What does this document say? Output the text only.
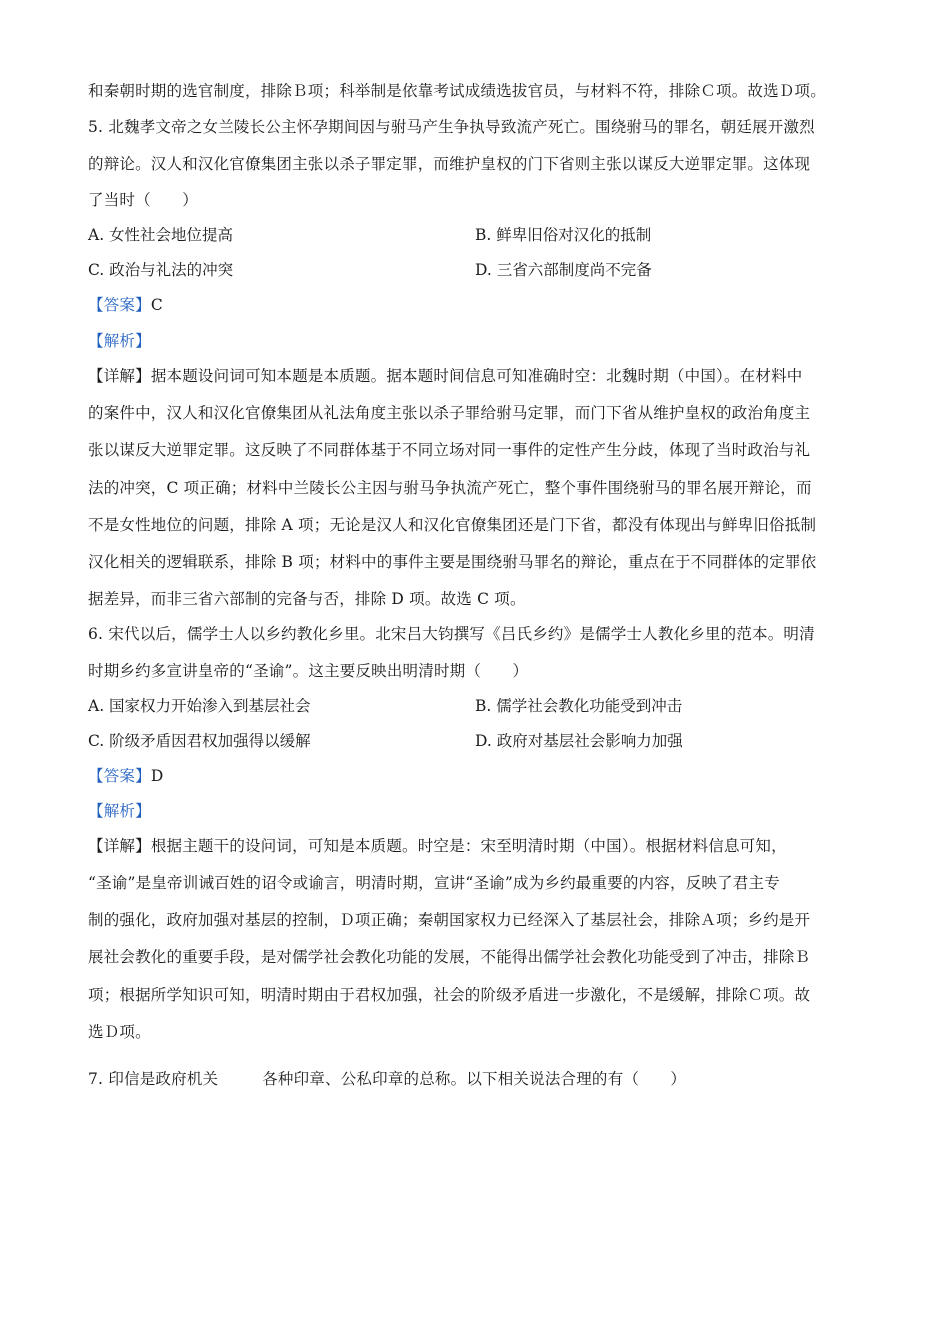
和秦朝时期的选官制度，排除Ｂ项；科举制是依靠考试成绩选拔官员，与材料不符，排除Ｃ项。故选Ｄ项。
5. 北魏孝文帝之女兰陵长公主怀孕期间因与驸马产生争执导致流产死亡。围绕驸马的罪名，朝廷展开激烈
的辩论。汉人和汉化官僚集团主张以杀子罪定罪，而维护皇权的门下省则主张以谋反大逆罪定罪。这体现
了当时（　　）
A. 女性社会地位提高	B. 鲜卑旧俗对汉化的抵制
C. 政治与礼法的冲突	D. 三省六部制度尚不完备
【答案】C
【解析】
【详解】据本题设问词可知本题是本质题。据本题时间信息可知准确时空：北魏时期（中国）。在材料中
的案件中，汉人和汉化官僚集团从礼法角度主张以杀子罪给驸马定罪，而门下省从维护皇权的政治角度主
张以谋反大逆罪定罪。这反映了不同群体基于不同立场对同一事件的定性产生分歧，体现了当时政治与礼
法的冲突，C 项正确；材料中兰陵长公主因与驸马争执流产死亡，整个事件围绕驸马的罪名展开辩论，而
不是女性地位的问题，排除 A 项；无论是汉人和汉化官僚集团还是门下省，都没有体现出与鲜卑旧俗抵制
汉化相关的逻辑联系，排除 B 项；材料中的事件主要是围绕驸马罪名的辩论，重点在于不同群体的定罪依
据差异，而非三省六部制的完备与否，排除 D 项。故选 C 项。
6. 宋代以后，儒学士人以乡约教化乡里。北宋吕大钧撰写《吕氏乡约》是儒学士人教化乡里的范本。明清
时期乡约多宣讲皇帝的“圣谕”。这主要反映出明清时期（　　）
A. 国家权力开始渗入到基层社会	B. 儒学社会教化功能受到冲击
C. 阶级矛盾因君权加强得以缓解	D. 政府对基层社会影响力加强
【答案】D
【解析】
【详解】根据主题干的设问词，可知是本质题。时空是：宋至明清时期（中国）。根据材料信息可知，
“圣谕”是皇帝训诫百姓的诏令或谕言，明清时期，宣讲“圣谕”成为乡约最重要的内容，反映了君主专
制的强化，政府加强对基层的控制，Ｄ项正确；秦朝国家权力已经深入了基层社会，排除Ａ项；乡约是开
展社会教化的重要手段，是对儒学社会教化功能的发展，不能得出儒学社会教化功能受到了冲击，排除Ｂ
项；根据所学知识可知，明清时期由于君权加强，社会的阶级矛盾进一步激化，不是缓解，排除Ｃ项。故
选Ｄ项。
7. 印信是政府机关	各种印章、公私印章的总称。以下相关说法合理的有（　　）
